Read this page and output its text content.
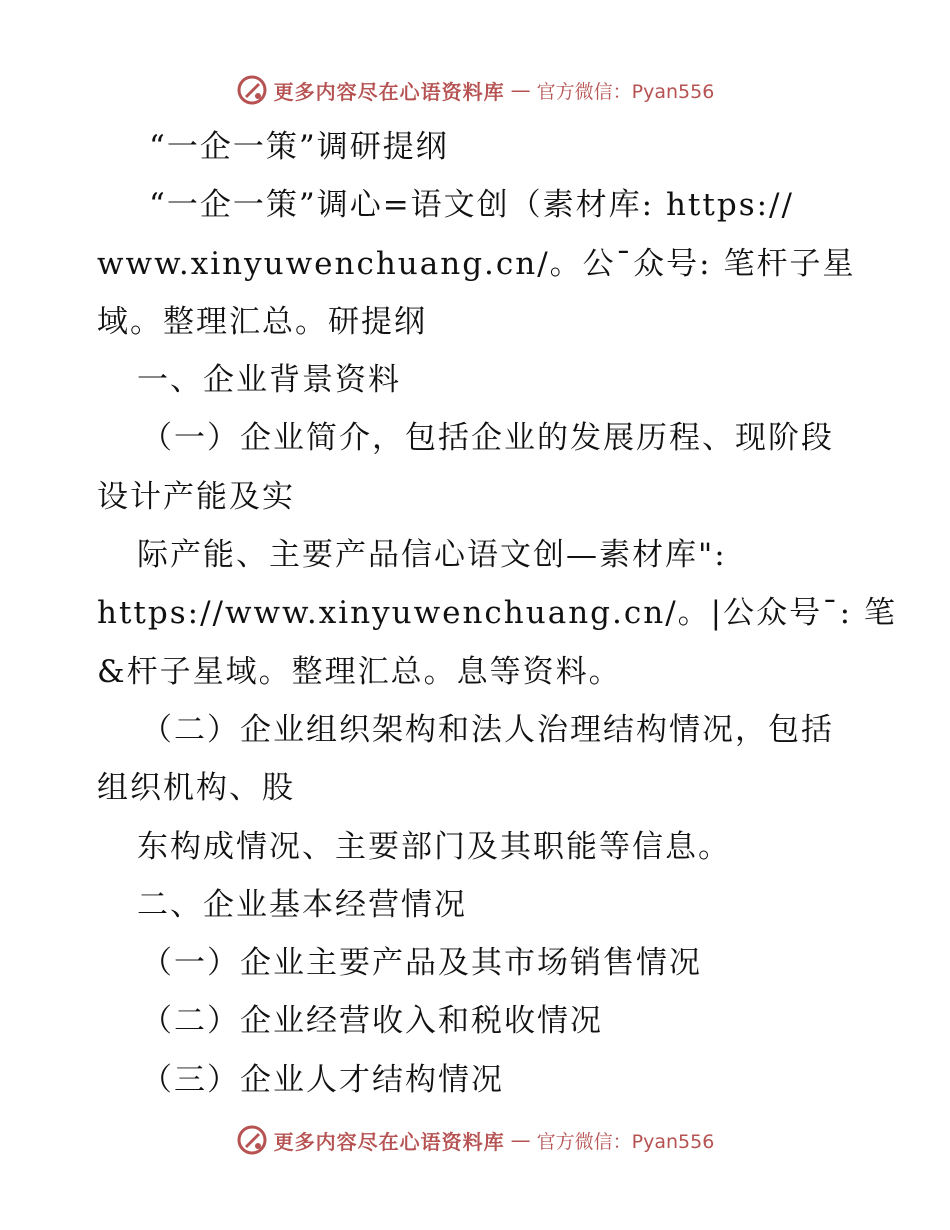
更多内容尽在心语资料库 — 官方微信：Pyan556
“一企一策”调研提纲
“一企一策”调心=语文创（素材库: https://
www.xinyuwenchuang.cn/。公¯众号: 笔杆子星
域。整理汇总。研提纲
一、企业背景资料
（一）企业简介，包括企业的发展历程、现阶段
设计产能及实
际产能、主要产品信心语文创—素材库":
https://www.xinyuwenchuang.cn/。|公众号¯: 笔
&杆子星域。整理汇总。息等资料。
（二）企业组织架构和法人治理结构情况，包括
组织机构、股
东构成情况、主要部门及其职能等信息。
二、企业基本经营情况
（一）企业主要产品及其市场销售情况
（二）企业经营收入和税收情况
（三）企业人才结构情况
更多内容尽在心语资料库 — 官方微信：Pyan556
